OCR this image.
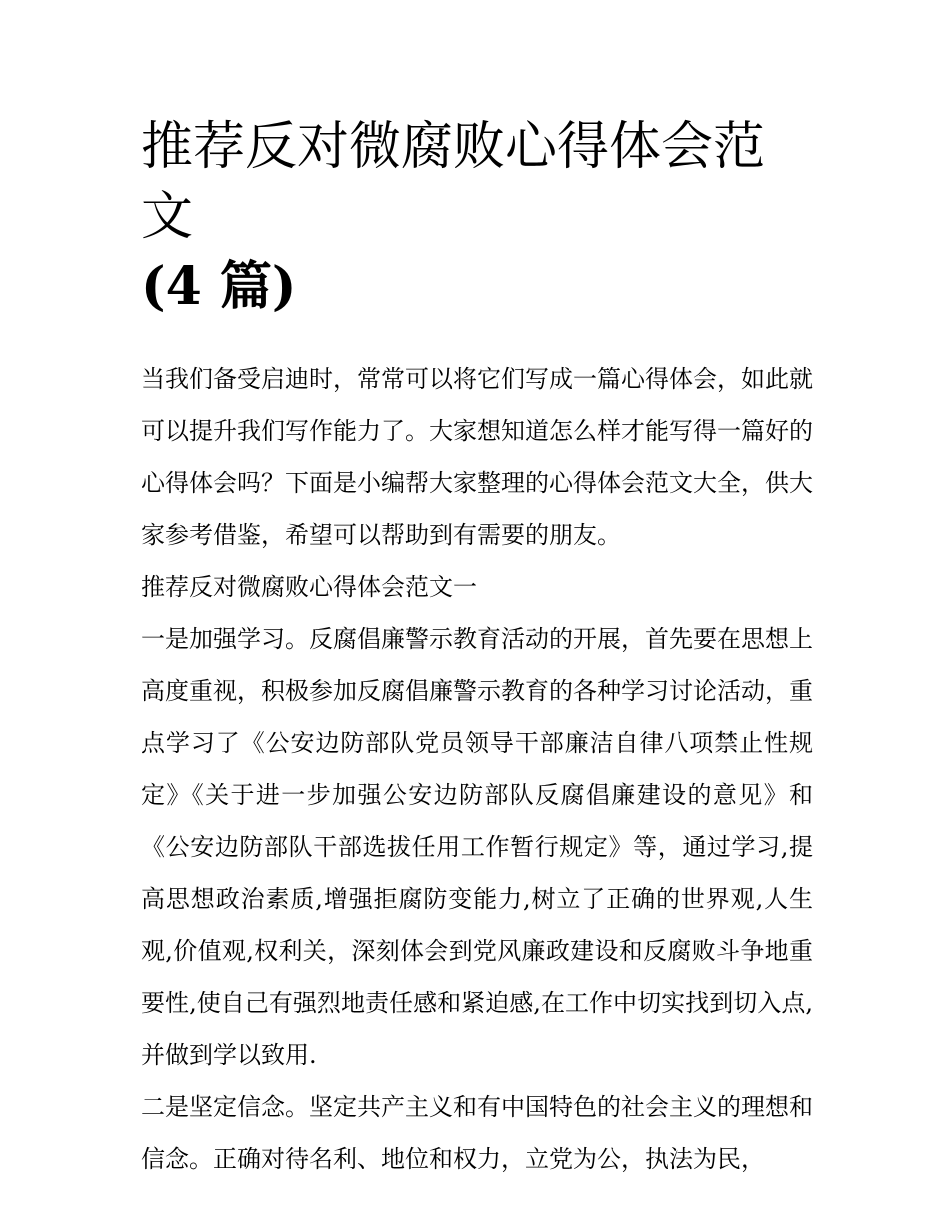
推荐反对微腐败心得体会范文
(4 篇)

当我们备受启迪时，常常可以将它们写成一篇心得体会，如此就可以提升我们写作能力了。大家想知道怎么样才能写得一篇好的心得体会吗？下面是小编帮大家整理的心得体会范文大全，供大家参考借鉴，希望可以帮助到有需要的朋友。

推荐反对微腐败心得体会范文一

一是加强学习。反腐倡廉警示教育活动的开展，首先要在思想上高度重视，积极参加反腐倡廉警示教育的各种学习讨论活动，重点学习了《公安边防部队党员领导干部廉洁自律八项禁止性规定》《关于进一步加强公安边防部队反腐倡廉建设的意见》和《公安边防部队干部选拔任用工作暂行规定》等，通过学习,提高思想政治素质,增强拒腐防变能力,树立了正确的世界观,人生观,价值观,权利关，深刻体会到党风廉政建设和反腐败斗争地重要性,使自己有强烈地责任感和紧迫感,在工作中切实找到切入点,并做到学以致用.

二是坚定信念。坚定共产主义和有中国特色的社会主义的理想和信念。正确对待名利、地位和权力，立党为公，执法为民，
